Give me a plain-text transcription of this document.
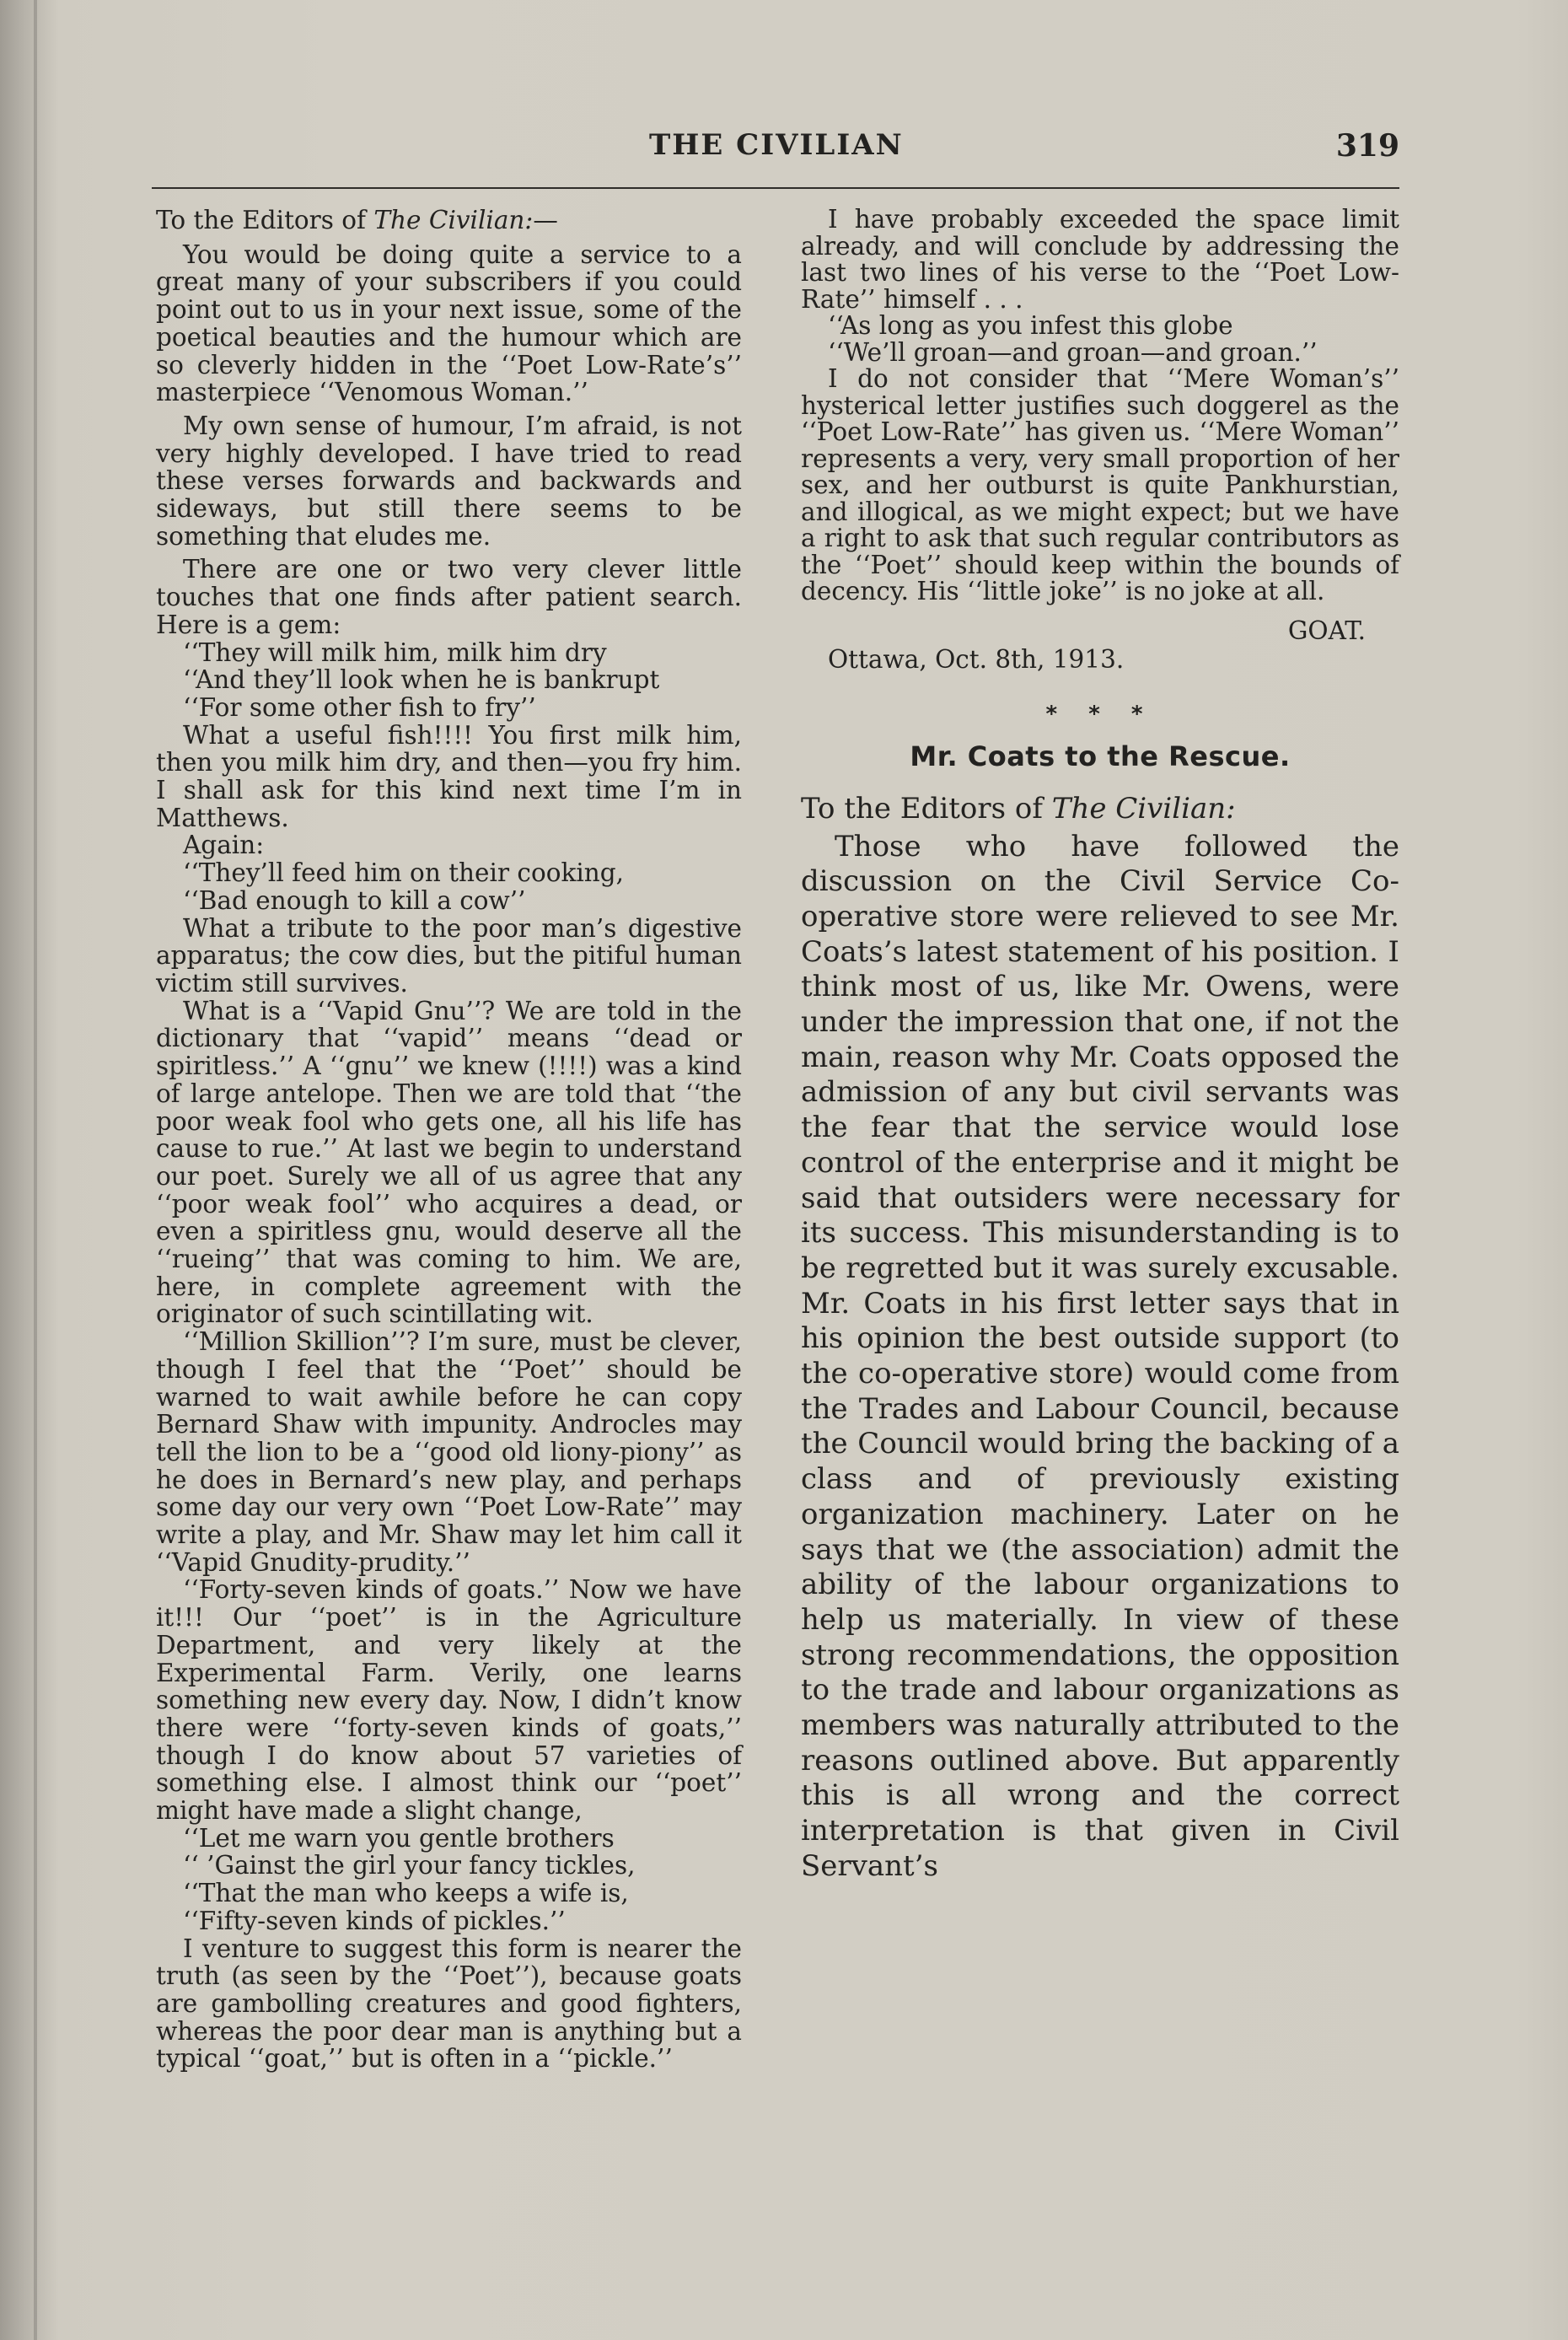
THE CIVILIAN	319

To the Editors of The Civilian:—

You would be doing quite a service to a great many of your subscribers if you could point out to us in your next issue, some of the poetical beauties and the humour which are so cleverly hidden in the ‘‘Poet Low-Rate’s’’ masterpiece ‘‘Venomous Woman.’’

My own sense of humour, I’m afraid, is not very highly developed. I have tried to read these verses forwards and backwards and sideways, but still there seems to be something that eludes me.

There are one or two very clever little touches that one finds after patient search. Here is a gem:

‘‘They will milk him, milk him dry
‘‘And they’ll look when he is bankrupt
‘‘For some other fish to fry’’

What a useful fish!!!! You first milk him, then you milk him dry, and then—you fry him. I shall ask for this kind next time I’m in Matthews.

Again:

‘‘They’ll feed him on their cooking,
‘‘Bad enough to kill a cow’’

What a tribute to the poor man’s digestive apparatus; the cow dies, but the pitiful human victim still survives.

What is a ‘‘Vapid Gnu’’? We are told in the dictionary that ‘‘vapid’’ means ‘‘dead or spiritless.’’ A ‘‘gnu’’ we knew (!!!!) was a kind of large antelope. Then we are told that ‘‘the poor weak fool who gets one, all his life has cause to rue.’’ At last we begin to understand our poet. Surely we all of us agree that any ‘‘poor weak fool’’ who acquires a dead, or even a spiritless gnu, would deserve all the ‘‘rueing’’ that was coming to him. We are, here, in complete agreement with the originator of such scintillating wit.

‘‘Million Skillion’’? I’m sure, must be clever, though I feel that the ‘‘Poet’’ should be warned to wait awhile before he can copy Bernard Shaw with impunity. Androcles may tell the lion to be a ‘‘good old liony-piony’’ as he does in Bernard’s new play, and perhaps some day our very own ‘‘Poet Low-Rate’’ may write a play, and Mr. Shaw may let him call it ‘‘Vapid Gnudity-prudity.’’

‘‘Forty-seven kinds of goats.’’ Now we have it!!! Our ‘‘poet’’ is in the Agriculture Department, and very likely at the Experimental Farm. Verily, one learns something new every day. Now, I didn’t know there were ‘‘forty-seven kinds of goats,’’ though I do know about 57 varieties of something else. I almost think our ‘‘poet’’ might have made a slight change,

‘‘Let me warn you gentle brothers
‘‘ ’Gainst the girl your fancy tickles,
‘‘That the man who keeps a wife is,
‘‘Fifty-seven kinds of pickles.’’

I venture to suggest this form is nearer the truth (as seen by the ‘‘Poet’’), because goats are gambolling creatures and good fighters, whereas the poor dear man is anything but a typical ‘‘goat,’’ but is often in a ‘‘pickle.’’

I have probably exceeded the space limit already, and will conclude by addressing the last two lines of his verse to the ‘‘Poet Low-Rate’’ himself . . .

‘‘As long as you infest this globe
‘‘We’ll groan—and groan—and groan.’’

I do not consider that ‘‘Mere Woman’s’’ hysterical letter justifies such doggerel as the ‘‘Poet Low-Rate’’ has given us. ‘‘Mere Woman’’ represents a very, very small proportion of her sex, and her outburst is quite Pankhurstian, and illogical, as we might expect; but we have a right to ask that such regular contributors as the ‘‘Poet’’ should keep within the bounds of decency. His ‘‘little joke’’ is no joke at all.

GOAT.
Ottawa, Oct. 8th, 1913.
* * *
Mr. Coats to the Rescue.
To the Editors of The Civilian:

Those who have followed the discussion on the Civil Service Co-operative store were relieved to see Mr. Coats’s latest statement of his position. I think most of us, like Mr. Owens, were under the impression that one, if not the main, reason why Mr. Coats opposed the admission of any but civil servants was the fear that the service would lose control of the enterprise and it might be said that outsiders were necessary for its success. This misunderstanding is to be regretted but it was surely excusable. Mr. Coats in his first letter says that in his opinion the best outside support (to the co-operative store) would come from the Trades and Labour Council, because the Council would bring the backing of a class and of previously existing organization machinery. Later on he says that we (the association) admit the ability of the labour organizations to help us materially. In view of these strong recommendations, the opposition to the trade and labour organizations as members was naturally attributed to the reasons outlined above. But apparently this is all wrong and the correct interpretation is that given in Civil Servant’s
